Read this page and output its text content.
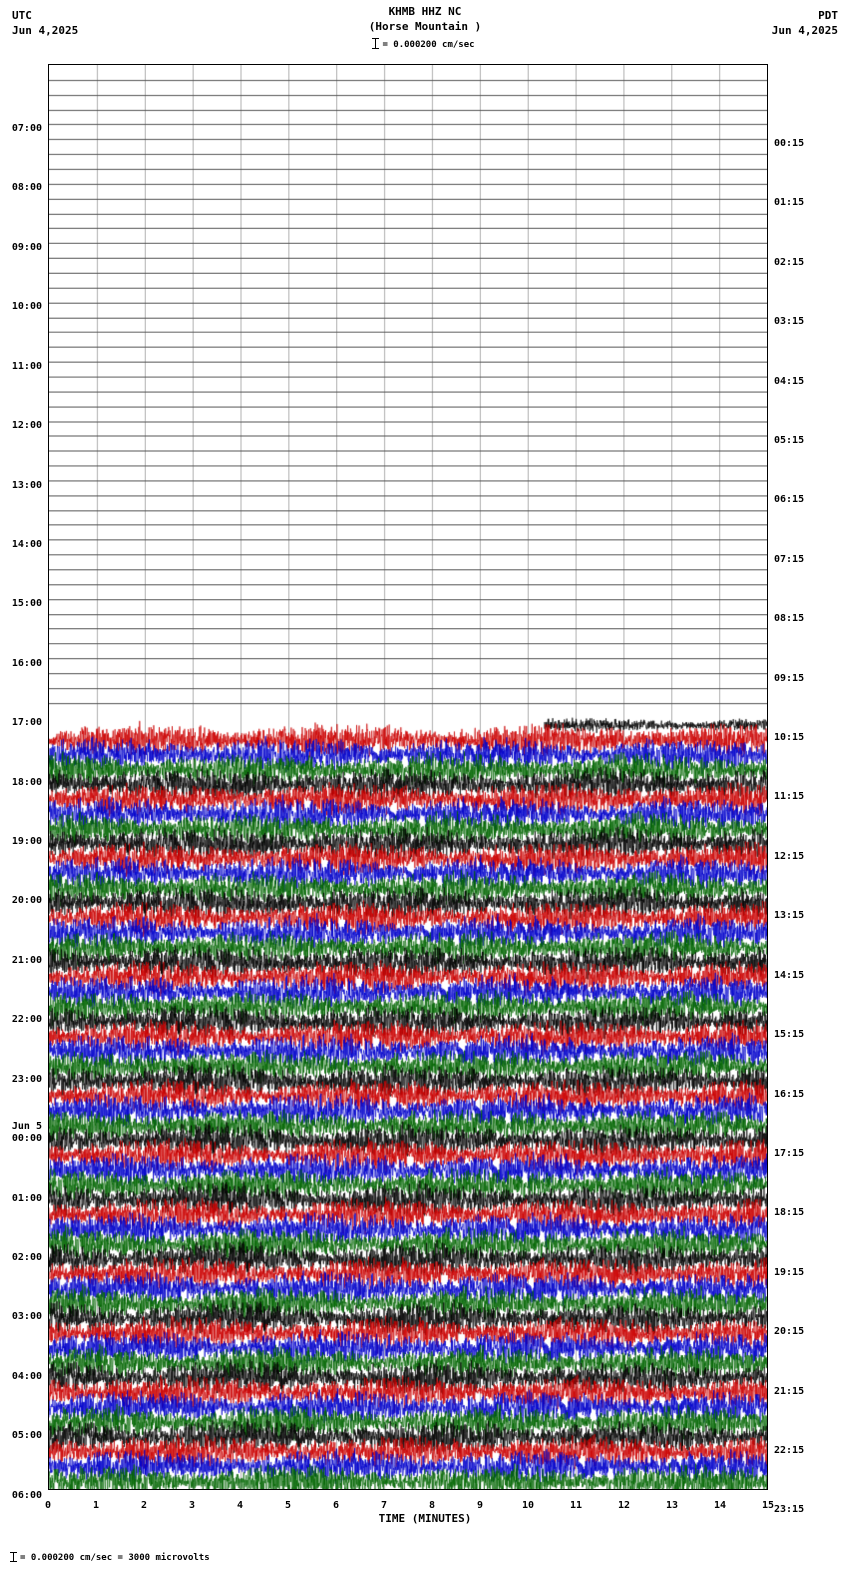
UTC
Jun 4,2025
KHMB HHZ NC
(Horse Mountain )
PDT
Jun 4,2025
= 0.000200 cm/sec
07:00
08:00
09:00
10:00
11:00
12:00
13:00
14:00
15:00
16:00
17:00
18:00
19:00
20:00
21:00
22:00
23:00
00:00
01:00
02:00
03:00
04:00
05:00
06:00
Jun 5
00:15
01:15
02:15
03:15
04:15
05:15
06:15
07:15
08:15
09:15
10:15
11:15
12:15
13:15
14:15
15:15
16:15
17:15
18:15
19:15
20:15
21:15
22:15
23:15
0	1	2	3	4	5	6	7	8	9	10	11	12	13	14	15
TIME (MINUTES)
= 0.000200 cm/sec = 3000 microvolts
